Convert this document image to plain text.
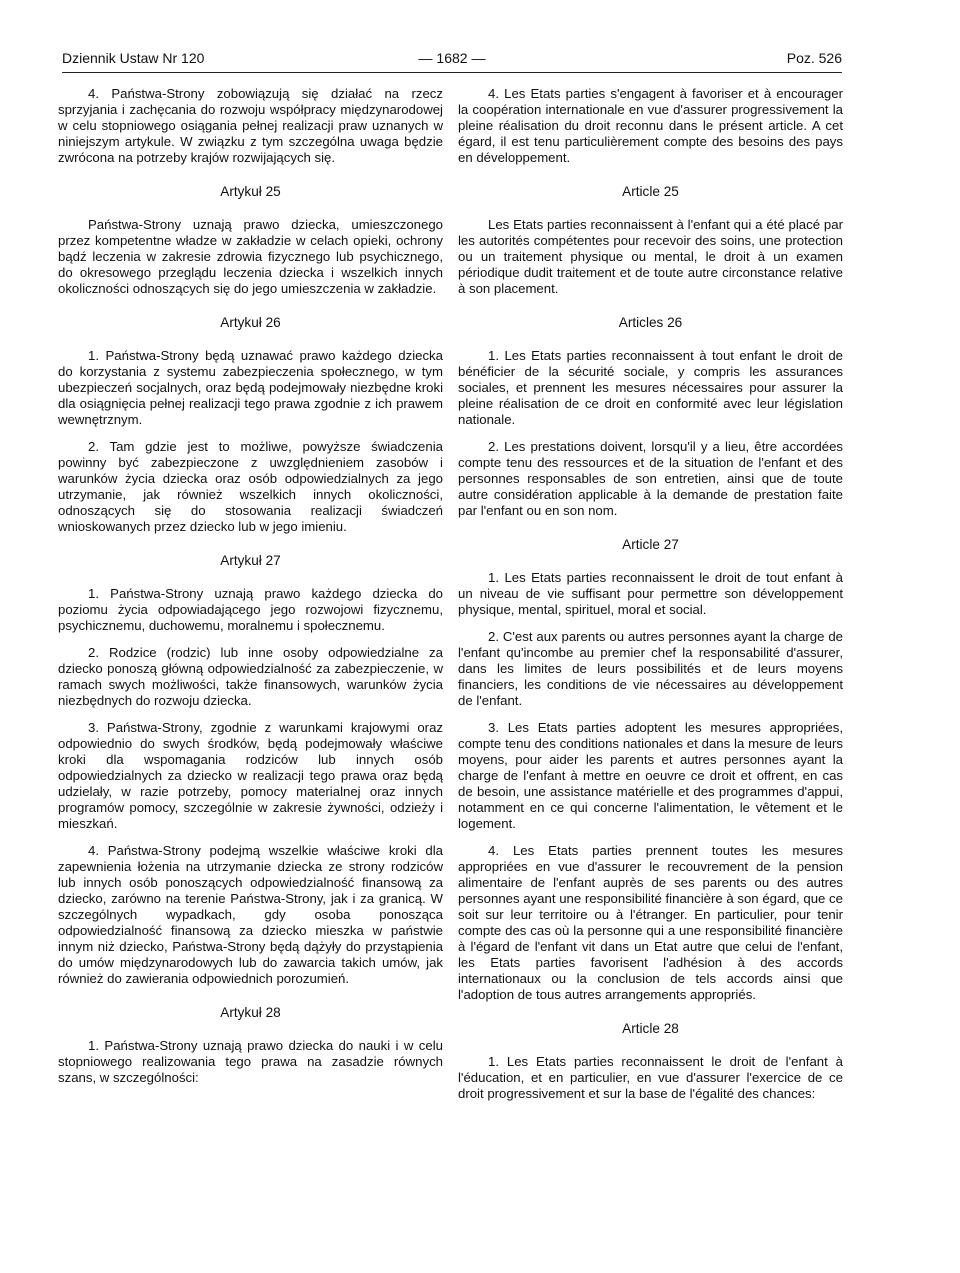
Dziennik Ustaw Nr 120	— 1682 —	Poz. 526

4. Państwa-Strony zobowiązują się działać na rzecz sprzyjania i zachęcania do rozwoju współpracy międzynarodowej w celu stopniowego osiągania pełnej realizacji praw uznanych w niniejszym artykule. W związku z tym szczególna uwaga będzie zwrócona na potrzeby krajów rozwijających się.

Artykuł 25

Państwa-Strony uznają prawo dziecka, umieszczonego przez kompetentne władze w zakładzie w celach opieki, ochrony bądź leczenia w zakresie zdrowia fizycznego lub psychicznego, do okresowego przeglądu leczenia dziecka i wszelkich innych okoliczności odnoszących się do jego umieszczenia w zakładzie.

Artykuł 26

1. Państwa-Strony będą uznawać prawo każdego dziecka do korzystania z systemu zabezpieczenia społecznego, w tym ubezpieczeń socjalnych, oraz będą podejmowały niezbędne kroki dla osiągnięcia pełnej realizacji tego prawa zgodnie z ich prawem wewnętrznym.

2. Tam gdzie jest to możliwe, powyższe świadczenia powinny być zabezpieczone z uwzględnieniem zasobów i warunków życia dziecka oraz osób odpowiedzialnych za jego utrzymanie, jak również wszelkich innych okoliczności, odnoszących się do stosowania realizacji świadczeń wnioskowanych przez dziecko lub w jego imieniu.

Artykuł 27

1. Państwa-Strony uznają prawo każdego dziecka do poziomu życia odpowiadającego jego rozwojowi fizycznemu, psychicznemu, duchowemu, moralnemu i społecznemu.

2. Rodzice (rodzic) lub inne osoby odpowiedzialne za dziecko ponoszą główną odpowiedzialność za zabezpieczenie, w ramach swych możliwości, także finansowych, warunków życia niezbędnych do rozwoju dziecka.

3. Państwa-Strony, zgodnie z warunkami krajowymi oraz odpowiednio do swych środków, będą podejmowały właściwe kroki dla wspomagania rodziców lub innych osób odpowiedzialnych za dziecko w realizacji tego prawa oraz będą udzielały, w razie potrzeby, pomocy materialnej oraz innych programów pomocy, szczególnie w zakresie żywności, odzieży i mieszkań.

4. Państwa-Strony podejmą wszelkie właściwe kroki dla zapewnienia łożenia na utrzymanie dziecka ze strony rodziców lub innych osób ponoszących odpowiedzialność finansową za dziecko, zarówno na terenie Państwa-Strony, jak i za granicą. W szczególnych wypadkach, gdy osoba ponosząca odpowiedzialność finansową za dziecko mieszka w państwie innym niż dziecko, Państwa-Strony będą dążyły do przystąpienia do umów międzynarodowych lub do zawarcia takich umów, jak również do zawierania odpowiednich porozumień.

Artykuł 28

1. Państwa-Strony uznają prawo dziecka do nauki i w celu stopniowego realizowania tego prawa na zasadzie równych szans, w szczególności:

4. Les Etats parties s'engagent à favoriser et à encourager la coopération internationale en vue d'assurer progressivement la pleine réalisation du droit reconnu dans le présent article. A cet égard, il est tenu particulièrement compte des besoins des pays en développement.

Article 25

Les Etats parties reconnaissent à l'enfant qui a été placé par les autorités compétentes pour recevoir des soins, une protection ou un traitement physique ou mental, le droit à un examen périodique dudit traitement et de toute autre circonstance relative à son placement.

Articles 26

1. Les Etats parties reconnaissent à tout enfant le droit de bénéficier de la sécurité sociale, y compris les assurances sociales, et prennent les mesures nécessaires pour assurer la pleine réalisation de ce droit en conformité avec leur législation nationale.

2. Les prestations doivent, lorsqu'il y a lieu, être accordées compte tenu des ressources et de la situation de l'enfant et des personnes responsables de son entretien, ainsi que de toute autre considération applicable à la demande de prestation faite par l'enfant ou en son nom.

Article 27

1. Les Etats parties reconnaissent le droit de tout enfant à un niveau de vie suffisant pour permettre son développement physique, mental, spirituel, moral et social.

2. C'est aux parents ou autres personnes ayant la charge de l'enfant qu'incombe au premier chef la responsabilité d'assurer, dans les limites de leurs possibilités et de leurs moyens financiers, les conditions de vie nécessaires au développement de l'enfant.

3. Les Etats parties adoptent les mesures appropriées, compte tenu des conditions nationales et dans la mesure de leurs moyens, pour aider les parents et autres personnes ayant la charge de l'enfant à mettre en oeuvre ce droit et offrent, en cas de besoin, une assistance matérielle et des programmes d'appui, notamment en ce qui concerne l'alimentation, le vêtement et le logement.

4. Les Etats parties prennent toutes les mesures appropriées en vue d'assurer le recouvrement de la pension alimentaire de l'enfant auprès de ses parents ou des autres personnes ayant une responsibilité financière à son égard, que ce soit sur leur territoire ou à l'étranger. En particulier, pour tenir compte des cas où la personne qui a une responsibilité financière à l'égard de l'enfant vit dans un Etat autre que celui de l'enfant, les Etats parties favorisent l'adhésion à des accords internationaux ou la conclusion de tels accords ainsi que l'adoption de tous autres arrangements appropriés.

Article 28

1. Les Etats parties reconnaissent le droit de l'enfant à l'éducation, et en particulier, en vue d'assurer l'exercice de ce droit progressivement et sur la base de l'égalité des chances:
